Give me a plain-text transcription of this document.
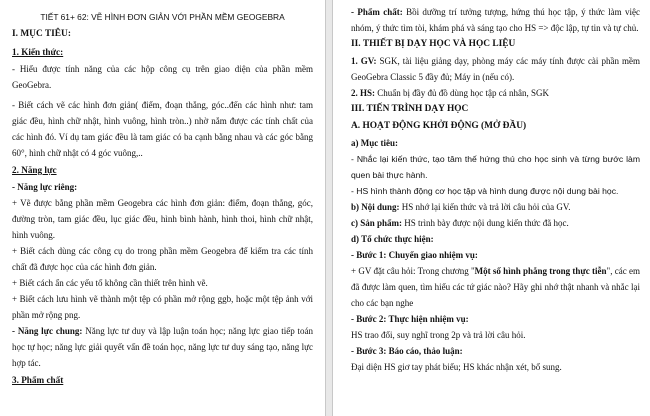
TIẾT 61+ 62: VẼ HÌNH ĐƠN GIẢN VỚI PHẦN MỀM GEOGEBRA

I. MỤC TIÊU:

1. Kiến thức:

- Hiểu được tính năng của các hộp công cụ trên giao diện của phần mềm GeoGebra.

- Biết cách vẽ các hình đơn giản( điểm, đoạn thẳng, góc..đến các hình như: tam giác đều, hình chữ nhật, hình vuông, hình tròn..) nhờ nắm được các tính chất của các hình đó. Ví dụ tam giác đều là tam giác có ba cạnh bằng nhau và các góc bằng 60°, hình chữ nhật có 4 góc vuông,..

2. Năng lực

- Năng lực riêng:

+ Vẽ được bằng phần mềm Geogebra các hình đơn giản: điểm, đoạn thẳng, góc, đường tròn, tam giác đều, lục giác đều, hình bình hành, hình thoi, hình chữ nhật, hình vuông.

+ Biết cách dùng các công cụ do trong phần mềm Geogebra để kiểm tra các tính chất đã được học của các hình đơn giản.

+ Biết cách ẩn các yếu tố không cần thiết trên hình vẽ.

+ Biết cách lưu hình vẽ thành một tệp có phần mở rộng ggb, hoặc một tệp ảnh với phần mở rộng png.

- Năng lực chung: Năng lực tư duy và lập luận toán học; năng lực giao tiếp toán học tự học; năng lực giải quyết vấn đề toán học, năng lực tư duy sáng tạo, năng lực hợp tác.

3. Phẩm chất

- Phẩm chất: Bồi dưỡng trí tưởng tượng, hứng thú học tập, ý thức làm việc nhóm, ý thức tìm tòi, khám phá và sáng tạo cho HS => độc lập, tự tin và tự chủ.

II. THIẾT BỊ DẠY HỌC VÀ HỌC LIỆU

1. GV: SGK, tài liệu giảng dạy, phòng máy các máy tính được cài phần mềm GeoGebra Classic 5 đầy đủ; Máy in (nếu có).

2. HS: Chuẩn bị đầy đủ đồ dùng học tập cá nhân, SGK

III. TIẾN TRÌNH DẠY HỌC

A. HOẠT ĐỘNG KHỞI ĐỘNG (MỞ ĐẦU)

a) Mục tiêu:

- Nhắc lại kiến thức, tạo tâm thế hứng thú cho học sinh và từng bước làm quen bài thực hành.

- HS hình thành động cơ học tập và hình dung được nội dung bài học.

b) Nội dung: HS nhớ lại kiến thức và trả lời câu hỏi của GV.

c) Sản phẩm: HS trình bày được nội dung kiến thức đã học.

d) Tổ chức thực hiện:

- Bước 1: Chuyển giao nhiệm vụ:

+ GV đặt câu hỏi: Trong chương "Một số hình phẳng trong thực tiễn", các em đã được làm quen, tìm hiểu các tứ giác nào? Hãy ghi nhớ thật nhanh và nhắc lại cho các bạn nghe

- Bước 2: Thực hiện nhiệm vụ:

HS trao đổi, suy nghĩ trong 2p và trả lời câu hỏi.

- Bước 3: Báo cáo, thảo luận:

Đại diện HS giơ tay phát biểu; HS khác nhận xét, bổ sung.
